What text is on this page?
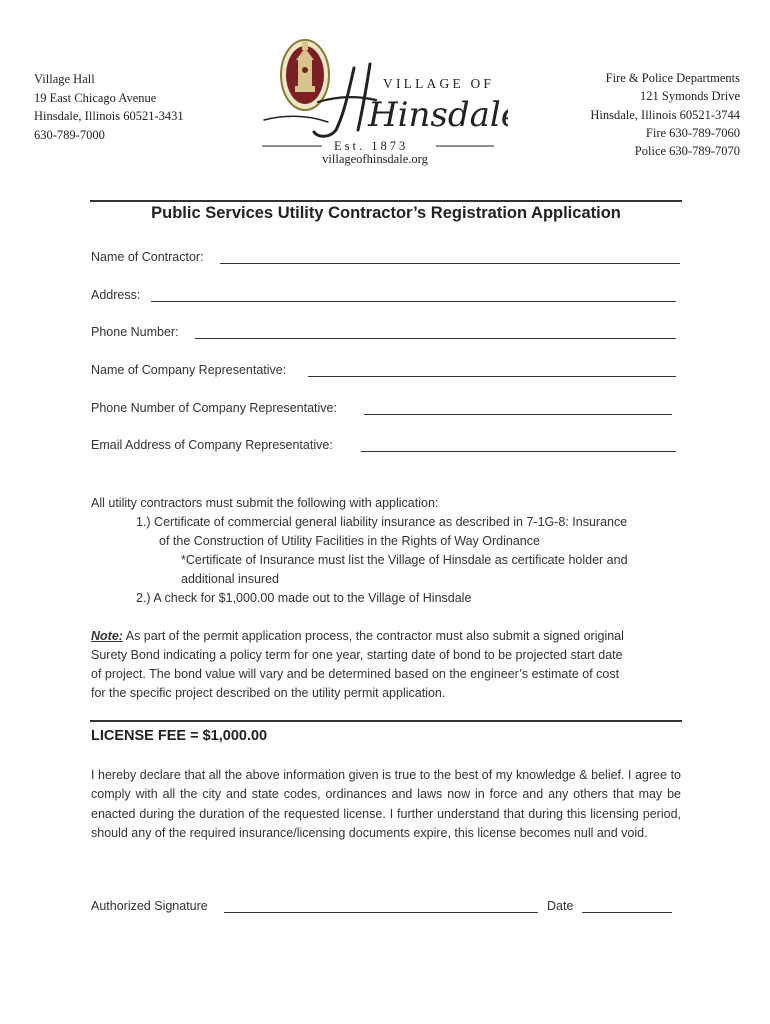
Village Hall
19 East Chicago Avenue
Hinsdale, Illinois 60521-3431
630-789-7000
VILLAGE OF
Hinsdale
Est. 1873
villageofhinsdale.org
Fire & Police Departments
121 Symonds Drive
Hinsdale, Illinois 60521-3744
Fire 630-789-7060
Police 630-789-7070
Public Services Utility Contractor’s Registration Application
Name of Contractor:
Address:
Phone Number:
Name of Company Representative:
Phone Number of Company Representative:
Email Address of Company Representative:
All utility contractors must submit the following with application:
1.) Certificate of commercial general liability insurance as described in 7-1G-8: Insurance
of the Construction of Utility Facilities in the Rights of Way Ordinance
*Certificate of Insurance must list the Village of Hinsdale as certificate holder and
additional insured
2.) A check for $1,000.00 made out to the Village of Hinsdale
Note: As part of the permit application process, the contractor must also submit a signed original
Surety Bond indicating a policy term for one year, starting date of bond to be projected start date
of project. The bond value will vary and be determined based on the engineer’s estimate of cost
for the specific project described on the utility permit application.
LICENSE FEE = $1,000.00
I hereby declare that all the above information given is true to the best of my knowledge & belief. I agree to comply with all the city and state codes, ordinances and laws now in force and any others that may be enacted during the duration of the requested license. I further understand that during this licensing period, should any of the required insurance/licensing documents expire, this license becomes null and void.
Authorized Signature	Date
